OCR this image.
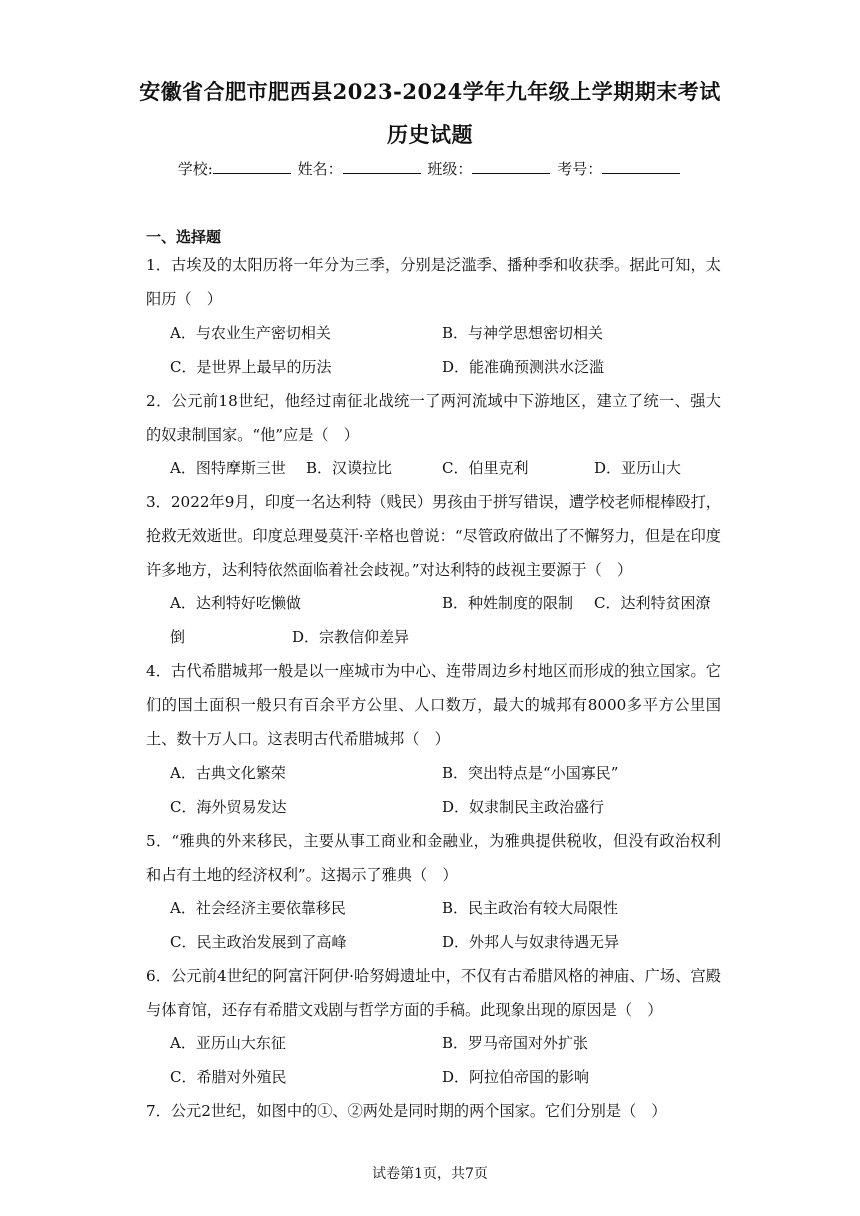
安徽省合肥市肥西县2023-2024学年九年级上学期期末考试
历史试题
学校:	姓名：	班级：	考号：
一、选择题
1．古埃及的太阳历将一年分为三季，分别是泛滥季、播种季和收获季。据此可知，太阳历（　）
A．与农业生产密切相关	B．与神学思想密切相关
C．是世界上最早的历法	D．能准确预测洪水泛滥
2．公元前18世纪，他经过南征北战统一了两河流域中下游地区，建立了统一、强大的奴隶制国家。“他”应是（　）
A．图特摩斯三世 B．汉谟拉比	C．伯里克利	D．亚历山大
3．2022年9月，印度一名达利特（贱民）男孩由于拼写错误，遭学校老师棍棒殴打，抢救无效逝世。印度总理曼莫汗·辛格也曾说：“尽管政府做出了不懈努力，但是在印度许多地方，达利特依然面临着社会歧视。”对达利特的歧视主要源于（　）
A．达利特好吃懒做	B．种姓制度的限制 C．达利特贫困潦
倒	D．宗教信仰差异
4．古代希腊城邦一般是以一座城市为中心、连带周边乡村地区而形成的独立国家。它们的国土面积一般只有百余平方公里、人口数万，最大的城邦有8000多平方公里国土、数十万人口。这表明古代希腊城邦（　）
A．古典文化繁荣	B．突出特点是“小国寡民”
C．海外贸易发达	D．奴隶制民主政治盛行
5．“雅典的外来移民，主要从事工商业和金融业，为雅典提供税收，但没有政治权利和占有土地的经济权利”。这揭示了雅典（　）
A．社会经济主要依靠移民	B．民主政治有较大局限性
C．民主政治发展到了高峰	D．外邦人与奴隶待遇无异
6．公元前4世纪的阿富汗阿伊·哈努姆遗址中，不仅有古希腊风格的神庙、广场、宫殿与体育馆，还存有希腊文戏剧与哲学方面的手稿。此现象出现的原因是（　）
A．亚历山大东征	B．罗马帝国对外扩张
C．希腊对外殖民	D．阿拉伯帝国的影响
7．公元2世纪，如图中的①、②两处是同时期的两个国家。它们分别是（　）
试卷第1页，共7页
